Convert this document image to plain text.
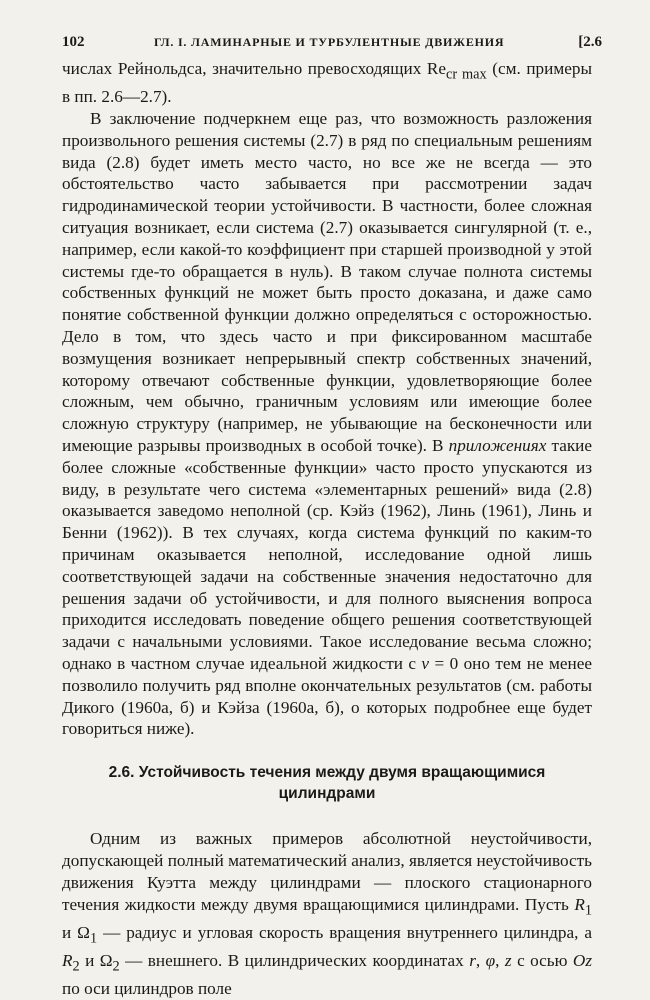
102	ГЛ. I. ЛАМИНАРНЫЕ И ТУРБУЛЕНТНЫЕ ДВИЖЕНИЯ	[2.6

числах Рейнольдса, значительно превосходящих $Re_{cr max}$ (см. примеры в пп. 2.6—2.7).

В заключение подчеркнем еще раз, что возможность разложения произвольного решения системы (2.7) в ряд по специальным решениям вида (2.8) будет иметь место часто, но все же не всегда — это обстоятельство часто забывается при рассмотрении задач гидродинамической теории устойчивости. В частности, более сложная ситуация возникает, если система (2.7) оказывается сингулярной (т. е., например, если какой-то коэффициент при старшей производной у этой системы где-то обращается в нуль). В таком случае полнота системы собственных функций не может быть просто доказана, и даже само понятие собственной функции должно определяться с осторожностью. Дело в том, что здесь часто и при фиксированном масштабе возмущения возникает непрерывный спектр собственных значений, которому отвечают собственные функции, удовлетворяющие более сложным, чем обычно, граничным условиям или имеющие более сложную структуру (например, не убывающие на бесконечности или имеющие разрывы производных в особой точке). В приложениях такие более сложные «собственные функции» часто просто упускаются из виду, в результате чего система «элементарных решений» вида (2.8) оказывается заведомо неполной (ср. Кэйз (1962), Линь (1961), Линь и Бенни (1962)). В тех случаях, когда система функций по каким-то причинам оказывается неполной, исследование одной лишь соответствующей задачи на собственные значения недостаточно для решения задачи об устойчивости, и для полного выяснения вопроса приходится исследовать поведение общего решения соответствующей задачи с начальными условиями. Такое исследование весьма сложно; однако в частном случае идеальной жидкости с ν = 0 оно тем не менее позволило получить ряд вполне окончательных результатов (см. работы Дикого (1960а, б) и Кэйза (1960а, б), о которых подробнее еще будет говориться ниже).

2.6. Устойчивость течения между двумя вращающимися цилиндрами

Одним из важных примеров абсолютной неустойчивости, допускающей полный математический анализ, является неустойчивость движения Куэтта между цилиндрами — плоского стационарного течения жидкости между двумя вращающимися цилиндрами. Пусть $R_1$ и $\Omega_1$ — радиус и угловая скорость вращения внутреннего цилиндра, а $R_2$ и $\Omega_2$ — внешнего. В цилиндрических координатах r, φ, z с осью Oz по оси цилиндров поле
